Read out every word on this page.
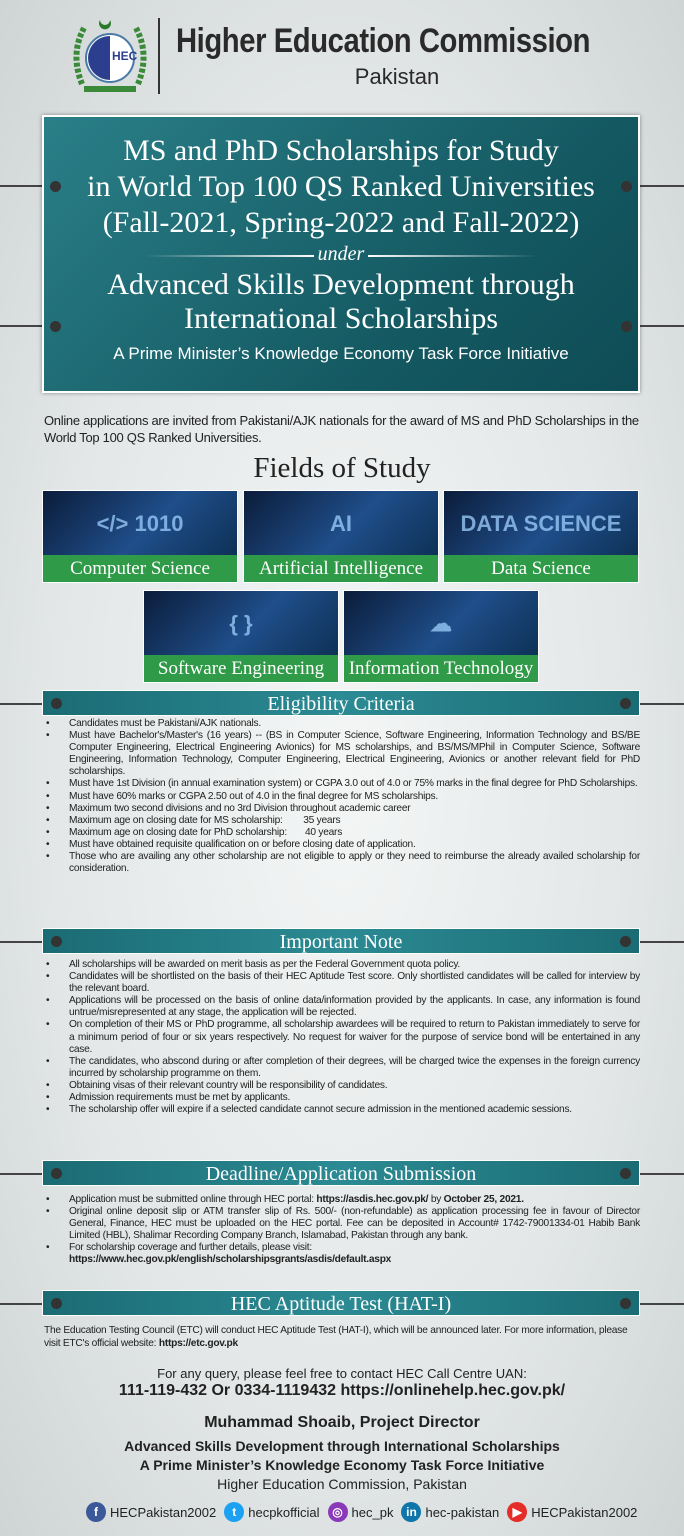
HEC Higher Education Commission
Pakistan
MS and PhD Scholarships for Study
in World Top 100 QS Ranked Universities
(Fall-2021, Spring-2022 and Fall-2022)
under
Advanced Skills Development through
International Scholarships
A Prime Minister’s Knowledge Economy Task Force Initiative
Online applications are invited from Pakistani/AJK nationals for the award of MS and PhD Scholarships in the World Top 100 QS Ranked Universities.
Fields of Study
</> 1010
Computer Science
AI
Artificial Intelligence
DATA SCIENCE
Data Science
{ }
Software Engineering
☁
Information Technology
Eligibility Criteria
• Candidates must be Pakistani/AJK nationals.
• Must have Bachelor's/Master's (16 years) -- (BS in Computer Science, Software Engineering, Information Technology and BS/BE Computer Engineering, Electrical Engineering Avionics) for MS scholarships, and BS/MS/MPhil in Computer Science, Software Engineering, Information Technology, Computer Engineering, Electrical Engineering, Avionics or another relevant field for PhD scholarships.
• Must have 1st Division (in annual examination system) or CGPA 3.0 out of 4.0 or 75% marks in the final degree for PhD Scholarships.
• Must have 60% marks or CGPA 2.50 out of 4.0 in the final degree for MS scholarships.
• Maximum two second divisions and no 3rd Division throughout academic career
• Maximum age on closing date for MS scholarship:        35 years
• Maximum age on closing date for PhD scholarship:       40 years
• Must have obtained requisite qualification on or before closing date of application.
• Those who are availing any other scholarship are not eligible to apply or they need to reimburse the already availed scholarship for consideration.
Important Note
• All scholarships will be awarded on merit basis as per the Federal Government quota policy.
• Candidates will be shortlisted on the basis of their HEC Aptitude Test score. Only shortlisted candidates will be called for interview by the relevant board.
• Applications will be processed on the basis of online data/information provided by the applicants. In case, any information is found untrue/misrepresented at any stage, the application will be rejected.
• On completion of their MS or PhD programme, all scholarship awardees will be required to return to Pakistan immediately to serve for a minimum period of four or six years respectively. No request for waiver for the purpose of service bond will be entertained in any case.
• The candidates, who abscond during or after completion of their degrees, will be charged twice the expenses in the foreign currency incurred by scholarship programme on them.
• Obtaining visas of their relevant country will be responsibility of candidates.
• Admission requirements must be met by applicants.
• The scholarship offer will expire if a selected candidate cannot secure admission in the mentioned academic sessions.
Deadline/Application Submission
• Application must be submitted online through HEC portal: https://asdis.hec.gov.pk/ by October 25, 2021.
• Original online deposit slip or ATM transfer slip of Rs. 500/- (non-refundable) as application processing fee in favour of Director General, Finance, HEC must be uploaded on the HEC portal. Fee can be deposited in Account# 1742-79001334-01 Habib Bank Limited (HBL), Shalimar Recording Company Branch, Islamabad, Pakistan through any bank.
• For scholarship coverage and further details, please visit:
https://www.hec.gov.pk/english/scholarshipsgrants/asdis/default.aspx
HEC Aptitude Test (HAT-I)
The Education Testing Council (ETC) will conduct HEC Aptitude Test (HAT-I), which will be announced later. For more information, please visit ETC's official website: https://etc.gov.pk
For any query, please feel free to contact HEC Call Centre UAN:
111-119-432 Or 0334-1119432 https://onlinehelp.hec.gov.pk/
Muhammad Shoaib, Project Director
Advanced Skills Development through International Scholarships
A Prime Minister’s Knowledge Economy Task Force Initiative
Higher Education Commission, Pakistan
f HECPakistan2002	t hecpkofficial	◎ hec_pk	in hec-pakistan	▶ HECPakistan2002
